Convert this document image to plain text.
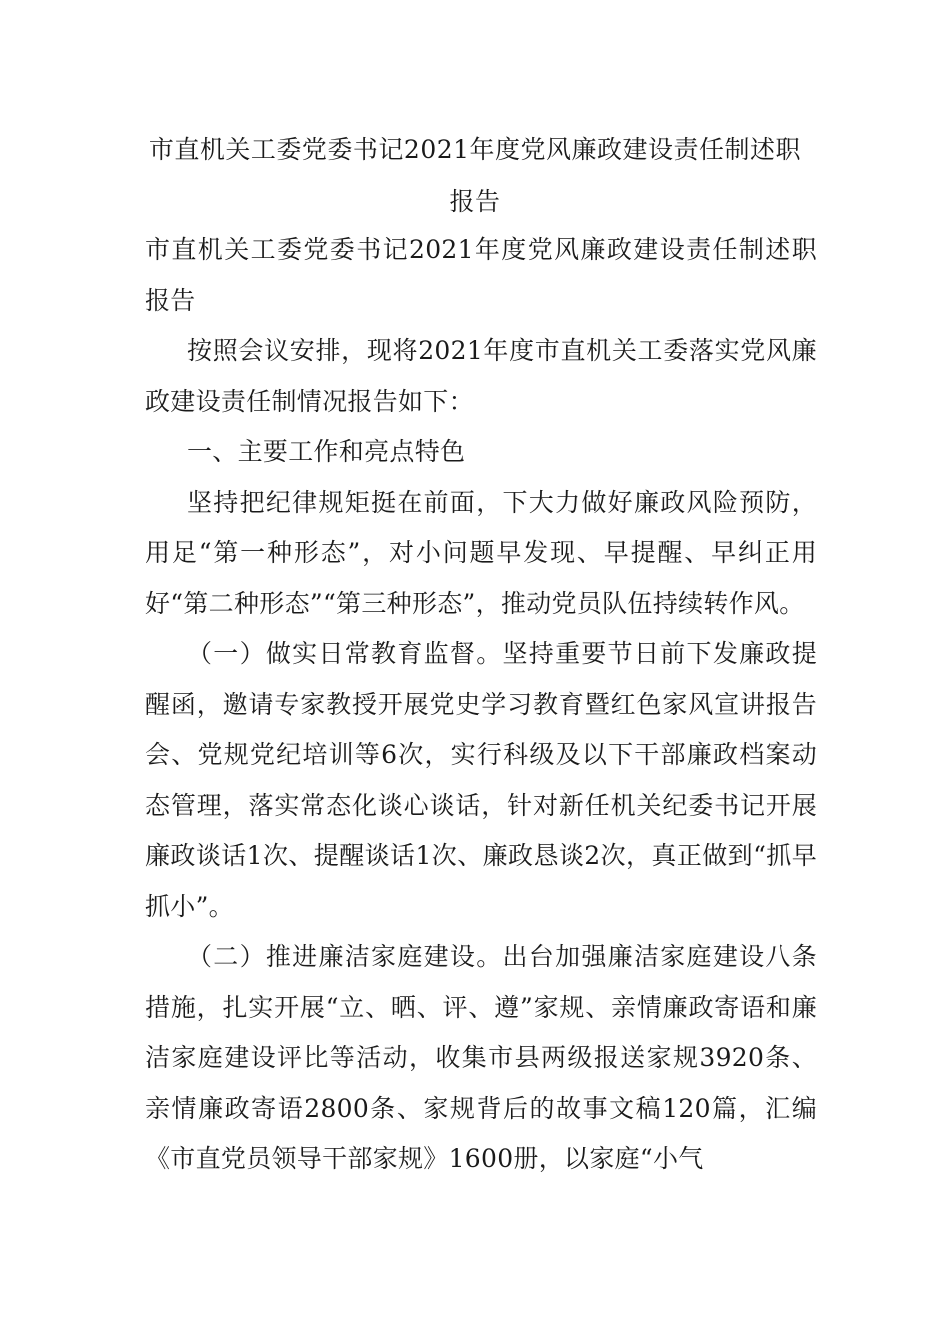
市直机关工委党委书记2021年度党风廉政建设责任制述职
报告

市直机关工委党委书记2021年度党风廉政建设责任制述职报告

按照会议安排，现将2021年度市直机关工委落实党风廉政建设责任制情况报告如下：

一、主要工作和亮点特色

坚持把纪律规矩挺在前面，下大力做好廉政风险预防，用足“第一种形态”，对小问题早发现、早提醒、早纠正用好“第二种形态”“第三种形态”，推动党员队伍持续转作风。

（一）做实日常教育监督。坚持重要节日前下发廉政提醒函，邀请专家教授开展党史学习教育暨红色家风宣讲报告会、党规党纪培训等6次，实行科级及以下干部廉政档案动态管理，落实常态化谈心谈话，针对新任机关纪委书记开展廉政谈话1次、提醒谈话1次、廉政恳谈2次，真正做到“抓早抓小”。

（二）推进廉洁家庭建设。出台加强廉洁家庭建设八条措施，扎实开展“立、晒、评、遵”家规、亲情廉政寄语和廉洁家庭建设评比等活动，收集市县两级报送家规3920条、亲情廉政寄语2800条、家规背后的故事文稿120篇，汇编《市直党员领导干部家规》1600册，以家庭“小气
